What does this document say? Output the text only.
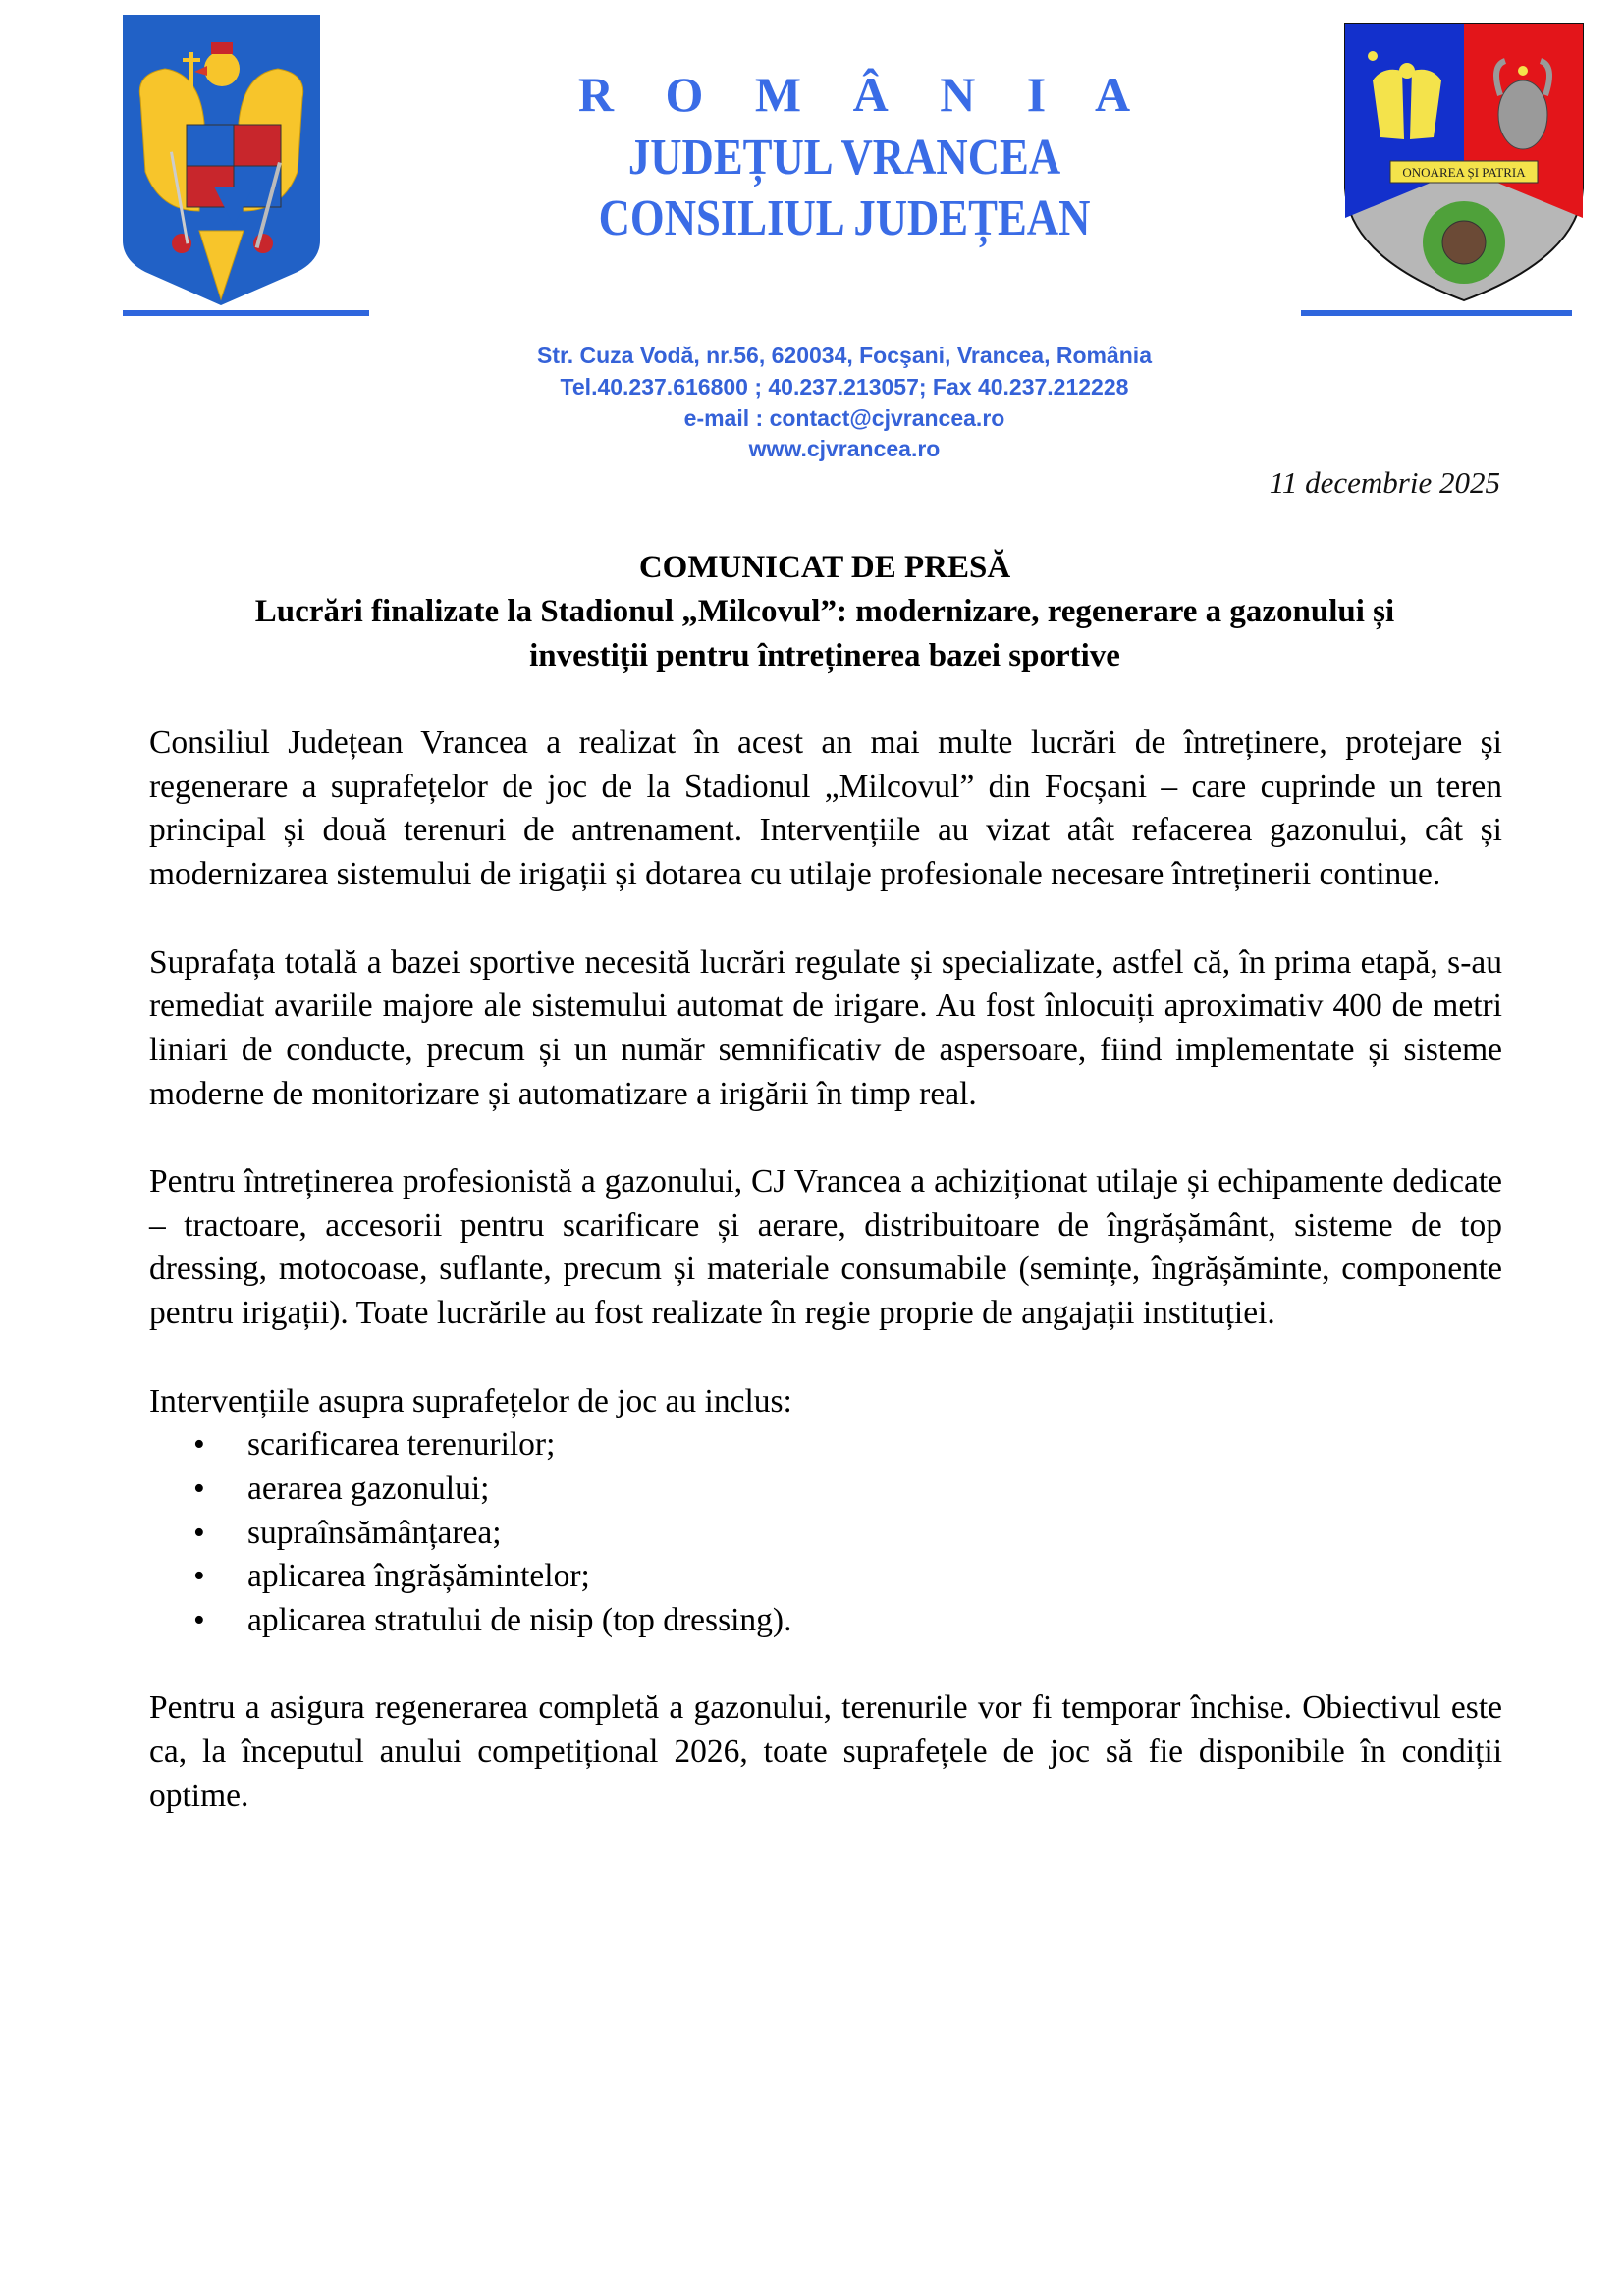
ONOAREA ȘI PATRIA
R O M Â N I A
JUDEȚUL VRANCEA
CONSILIUL JUDEȚEAN
Str. Cuza Vodă, nr.56, 620034, Focşani, Vrancea, România
Tel.40.237.616800 ; 40.237.213057; Fax 40.237.212228
e-mail : contact@cjvrancea.ro
www.cjvrancea.ro
11 decembrie 2025
COMUNICAT DE PRESĂ
Lucrări finalizate la Stadionul „Milcovul”: modernizare, regenerare a gazonului și
investiții pentru întreținerea bazei sportive

Consiliul Județean Vrancea a realizat în acest an mai multe lucrări de întreținere, protejare și regenerare a suprafețelor de joc de la Stadionul „Milcovul” din Focșani – care cuprinde un teren principal și două terenuri de antrenament. Intervențiile au vizat atât refacerea gazonului, cât și modernizarea sistemului de irigații și dotarea cu utilaje profesionale necesare întreținerii continue.

Suprafața totală a bazei sportive necesită lucrări regulate și specializate, astfel că, în prima etapă, s-au remediat avariile majore ale sistemului automat de irigare. Au fost înlocuiți aproximativ 400 de metri liniari de conducte, precum și un număr semnificativ de aspersoare, fiind implementate și sisteme moderne de monitorizare și automatizare a irigării în timp real.

Pentru întreținerea profesionistă a gazonului, CJ Vrancea a achiziționat utilaje și echipamente dedicate – tractoare, accesorii pentru scarificare și aerare, distribuitoare de îngrășământ, sisteme de top dressing, motocoase, suflante, precum și materiale consumabile (semințe, îngrășăminte, componente pentru irigații). Toate lucrările au fost realizate în regie proprie de angajații instituției.

Intervențiile asupra suprafețelor de joc au inclus:

• scarificarea terenurilor;
• aerarea gazonului;
• supraînsămânțarea;
• aplicarea îngrășămintelor;
• aplicarea stratului de nisip (top dressing).

Pentru a asigura regenerarea completă a gazonului, terenurile vor fi temporar închise. Obiectivul este ca, la începutul anului competițional 2026, toate suprafețele de joc să fie disponibile în condiții optime.
